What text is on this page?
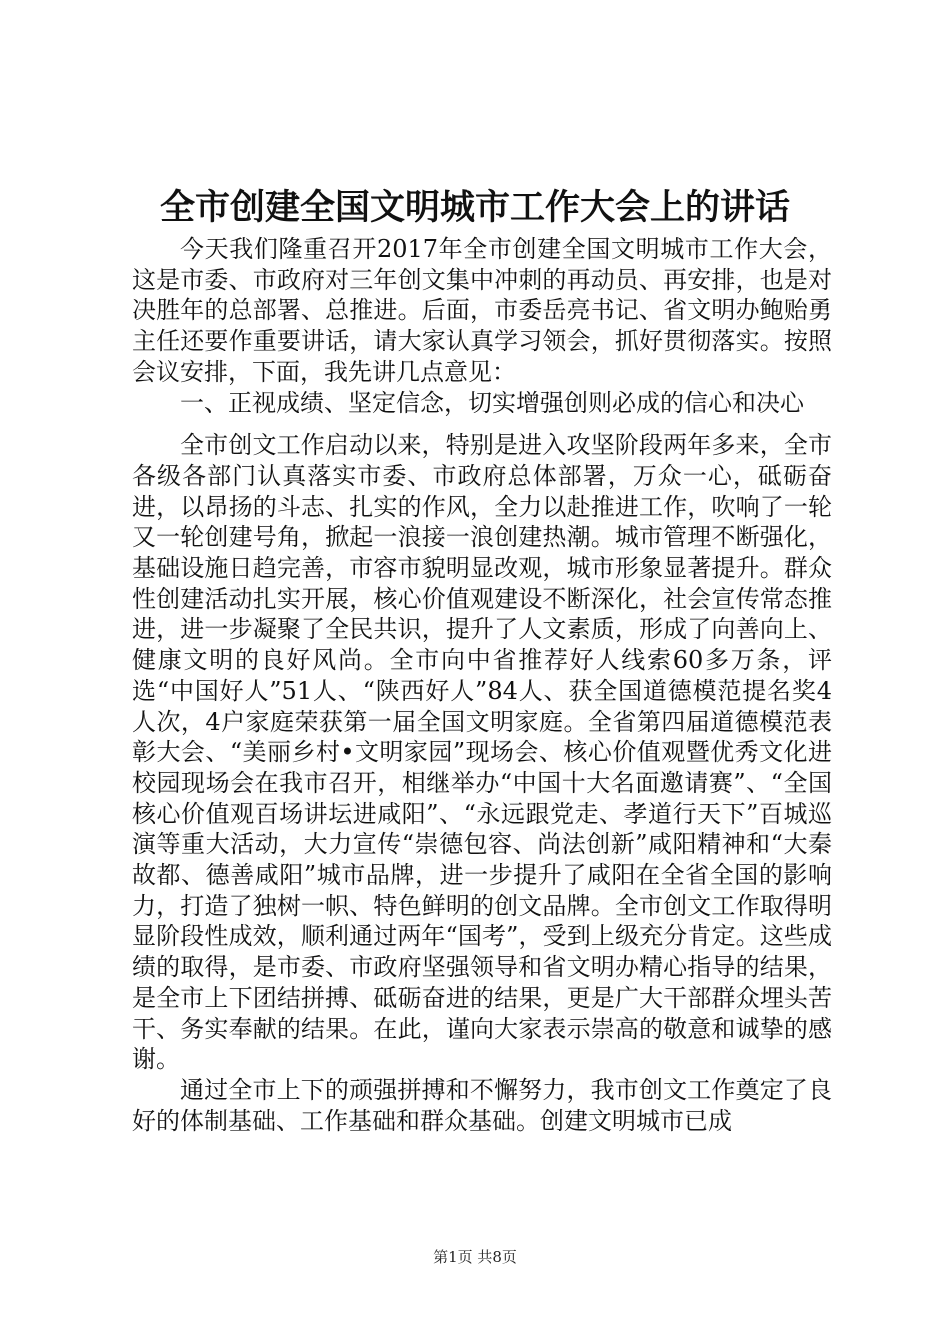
全市创建全国文明城市工作大会上的讲话

今天我们隆重召开2017年全市创建全国文明城市工作大会，这是市委、市政府对三年创文集中冲刺的再动员、再安排，也是对决胜年的总部署、总推进。后面，市委岳亮书记、省文明办鲍贻勇主任还要作重要讲话，请大家认真学习领会，抓好贯彻落实。按照会议安排，下面，我先讲几点意见：

一、正视成绩、坚定信念，切实增强创则必成的信心和决心

全市创文工作启动以来，特别是进入攻坚阶段两年多来，全市各级各部门认真落实市委、市政府总体部署，万众一心，砥砺奋进，以昂扬的斗志、扎实的作风，全力以赴推进工作，吹响了一轮又一轮创建号角，掀起一浪接一浪创建热潮。城市管理不断强化，基础设施日趋完善，市容市貌明显改观，城市形象显著提升。群众性创建活动扎实开展，核心价值观建设不断深化，社会宣传常态推进，进一步凝聚了全民共识，提升了人文素质，形成了向善向上、健康文明的良好风尚。全市向中省推荐好人线索60多万条，评选“中国好人”51人、“陕西好人”84人、获全国道德模范提名奖4人次，4户家庭荣获第一届全国文明家庭。全省第四届道德模范表彰大会、“美丽乡村•文明家园”现场会、核心价值观暨优秀文化进校园现场会在我市召开，相继举办“中国十大名面邀请赛”、“全国核心价值观百场讲坛进咸阳”、“永远跟党走、孝道行天下”百城巡演等重大活动，大力宣传“崇德包容、尚法创新”咸阳精神和“大秦故都、德善咸阳”城市品牌，进一步提升了咸阳在全省全国的影响力，打造了独树一帜、特色鲜明的创文品牌。全市创文工作取得明显阶段性成效，顺利通过两年“国考”，受到上级充分肯定。这些成绩的取得，是市委、市政府坚强领导和省文明办精心指导的结果，是全市上下团结拼搏、砥砺奋进的结果，更是广大干部群众埋头苦干、务实奉献的结果。在此，谨向大家表示崇高的敬意和诚挚的感谢。

通过全市上下的顽强拼搏和不懈努力，我市创文工作奠定了良好的体制基础、工作基础和群众基础。创建文明城市已成

第1页 共8页
